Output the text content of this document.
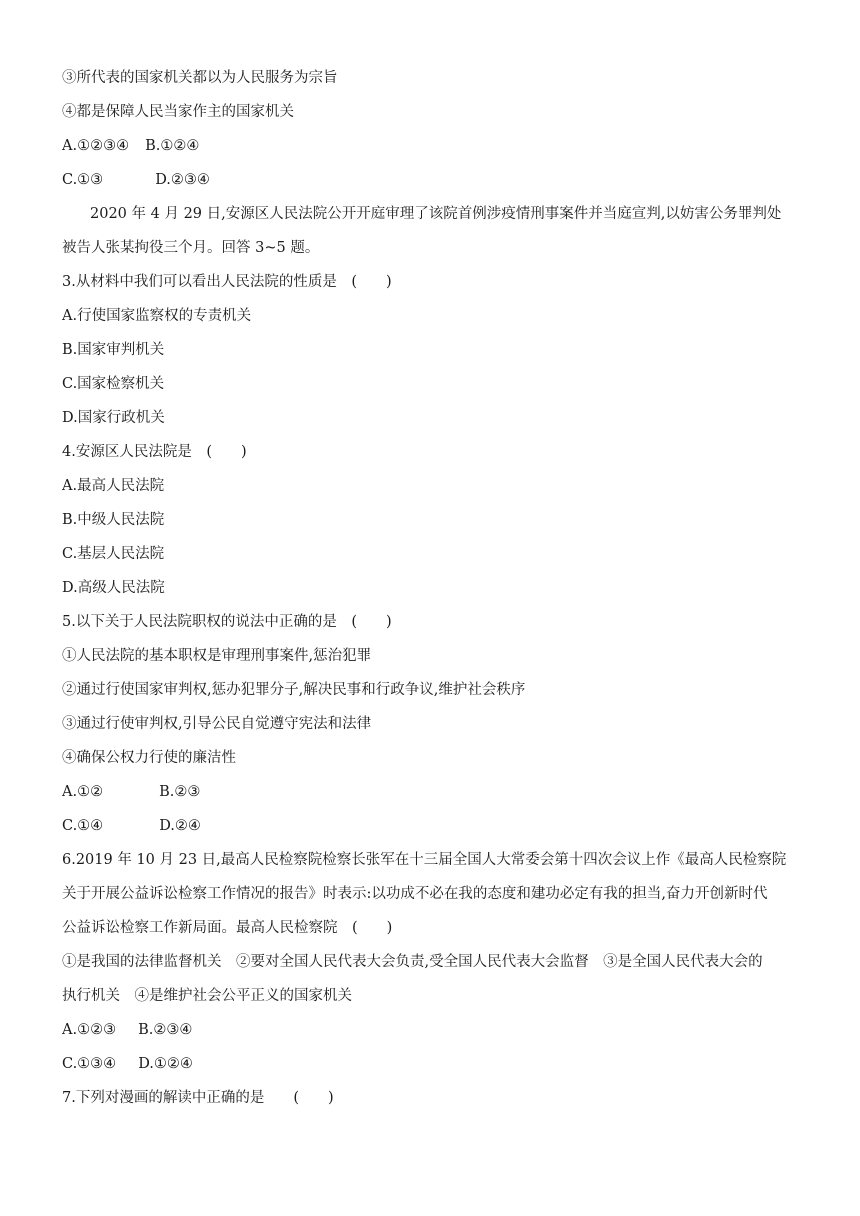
③所代表的国家机关都以为人民服务为宗旨
④都是保障人民当家作主的国家机关
A.①②③④ B.①②④
C.①③	D.②③④
2020 年 4 月 29 日,安源区人民法院公开开庭审理了该院首例涉疫情刑事案件并当庭宣判,以妨害公务罪判处
被告人张某拘役三个月。回答 3~5 题。
3.从材料中我们可以看出人民法院的性质是　(　　)
A.行使国家监察权的专责机关
B.国家审判机关
C.国家检察机关
D.国家行政机关
4.安源区人民法院是　(　　)
A.最高人民法院
B.中级人民法院
C.基层人民法院
D.高级人民法院
5.以下关于人民法院职权的说法中正确的是　(　　)
①人民法院的基本职权是审理刑事案件,惩治犯罪
②通过行使国家审判权,惩办犯罪分子,解决民事和行政争议,维护社会秩序
③通过行使审判权,引导公民自觉遵守宪法和法律
④确保公权力行使的廉洁性
A.①②	B.②③
C.①④	D.②④
6.2019 年 10 月 23 日,最高人民检察院检察长张军在十三届全国人大常委会第十四次会议上作《最高人民检察院
关于开展公益诉讼检察工作情况的报告》时表示:以功成不必在我的态度和建功必定有我的担当,奋力开创新时代
公益诉讼检察工作新局面。最高人民检察院　(　　)
①是我国的法律监督机关　②要对全国人民代表大会负责,受全国人民代表大会监督　③是全国人民代表大会的
执行机关　④是维护社会公平正义的国家机关
A.①②③ B.②③④
C.①③④ D.①②④
7.下列对漫画的解读中正确的是　　(　　)
